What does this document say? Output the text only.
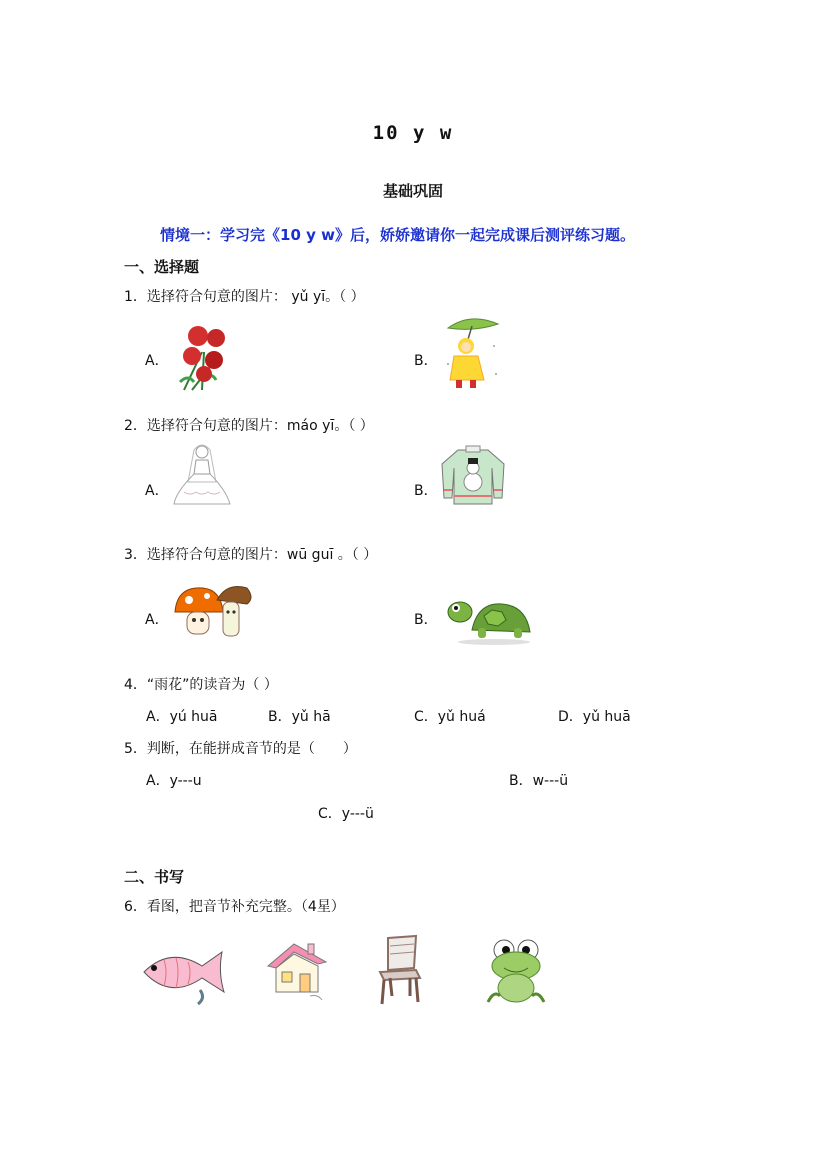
10 y w
基础巩固
情境一：学习完《10 y w》后，娇娇邀请你一起完成课后测评练习题。
一、选择题
1．选择符合句意的图片： yǔ yī。（ ）
A．	B．
2．选择符合句意的图片：máo yī。（ ）
A．	B．
3．选择符合句意的图片：wū guī 。（ ）
A．	B．
4．“雨花”的读音为（ ）
A．yú huā	B．yǔ hā	C．yǔ huá	D．yǔ huā
5．判断，在能拼成音节的是（　　）
A．y---u	B．w---ü
C．y---ü
二、书写
6．看图，把音节补充完整。（4星）
